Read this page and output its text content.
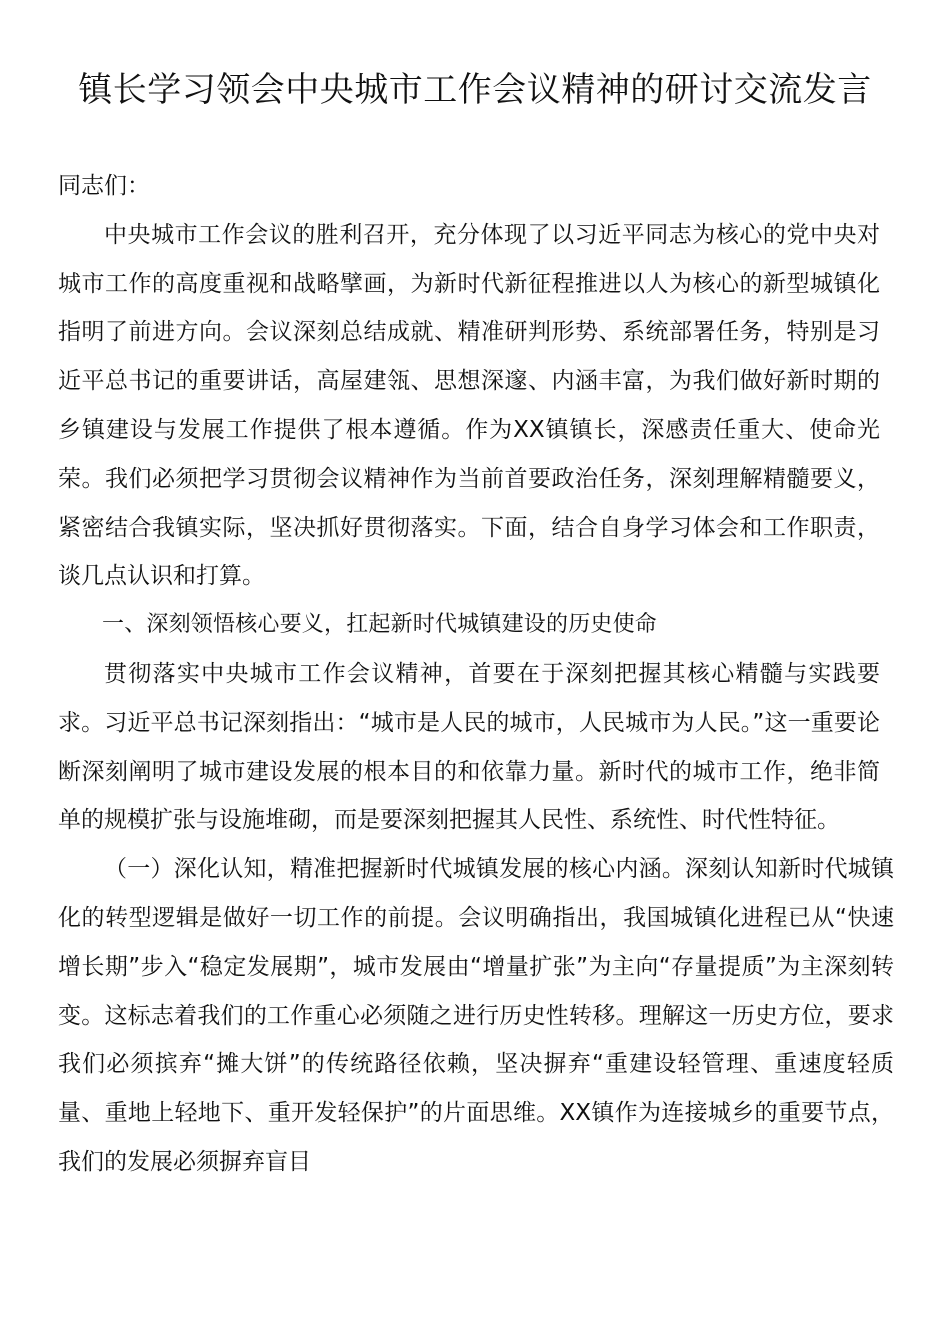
镇长学习领会中央城市工作会议精神的研讨交流发言

同志们：

中央城市工作会议的胜利召开，充分体现了以习近平同志为核心的党中央对城市工作的高度重视和战略擘画，为新时代新征程推进以人为核心的新型城镇化指明了前进方向。会议深刻总结成就、精准研判形势、系统部署任务，特别是习近平总书记的重要讲话，高屋建瓴、思想深邃、内涵丰富，为我们做好新时期的乡镇建设与发展工作提供了根本遵循。作为XX镇镇长，深感责任重大、使命光荣。我们必须把学习贯彻会议精神作为当前首要政治任务，深刻理解精髓要义，紧密结合我镇实际，坚决抓好贯彻落实。下面，结合自身学习体会和工作职责，谈几点认识和打算。

一、深刻领悟核心要义，扛起新时代城镇建设的历史使命

贯彻落实中央城市工作会议精神，首要在于深刻把握其核心精髓与实践要求。习近平总书记深刻指出：“城市是人民的城市，人民城市为人民。”这一重要论断深刻阐明了城市建设发展的根本目的和依靠力量。新时代的城市工作，绝非简单的规模扩张与设施堆砌，而是要深刻把握其人民性、系统性、时代性特征。

（一）深化认知，精准把握新时代城镇发展的核心内涵。深刻认知新时代城镇化的转型逻辑是做好一切工作的前提。会议明确指出，我国城镇化进程已从“快速增长期”步入“稳定发展期”，城市发展由“增量扩张”为主向“存量提质”为主深刻转变。这标志着我们的工作重心必须随之进行历史性转移。理解这一历史方位，要求我们必须摈弃“摊大饼”的传统路径依赖，坚决摒弃“重建设轻管理、重速度轻质量、重地上轻地下、重开发轻保护”的片面思维。XX镇作为连接城乡的重要节点，我们的发展必须摒弃盲目
